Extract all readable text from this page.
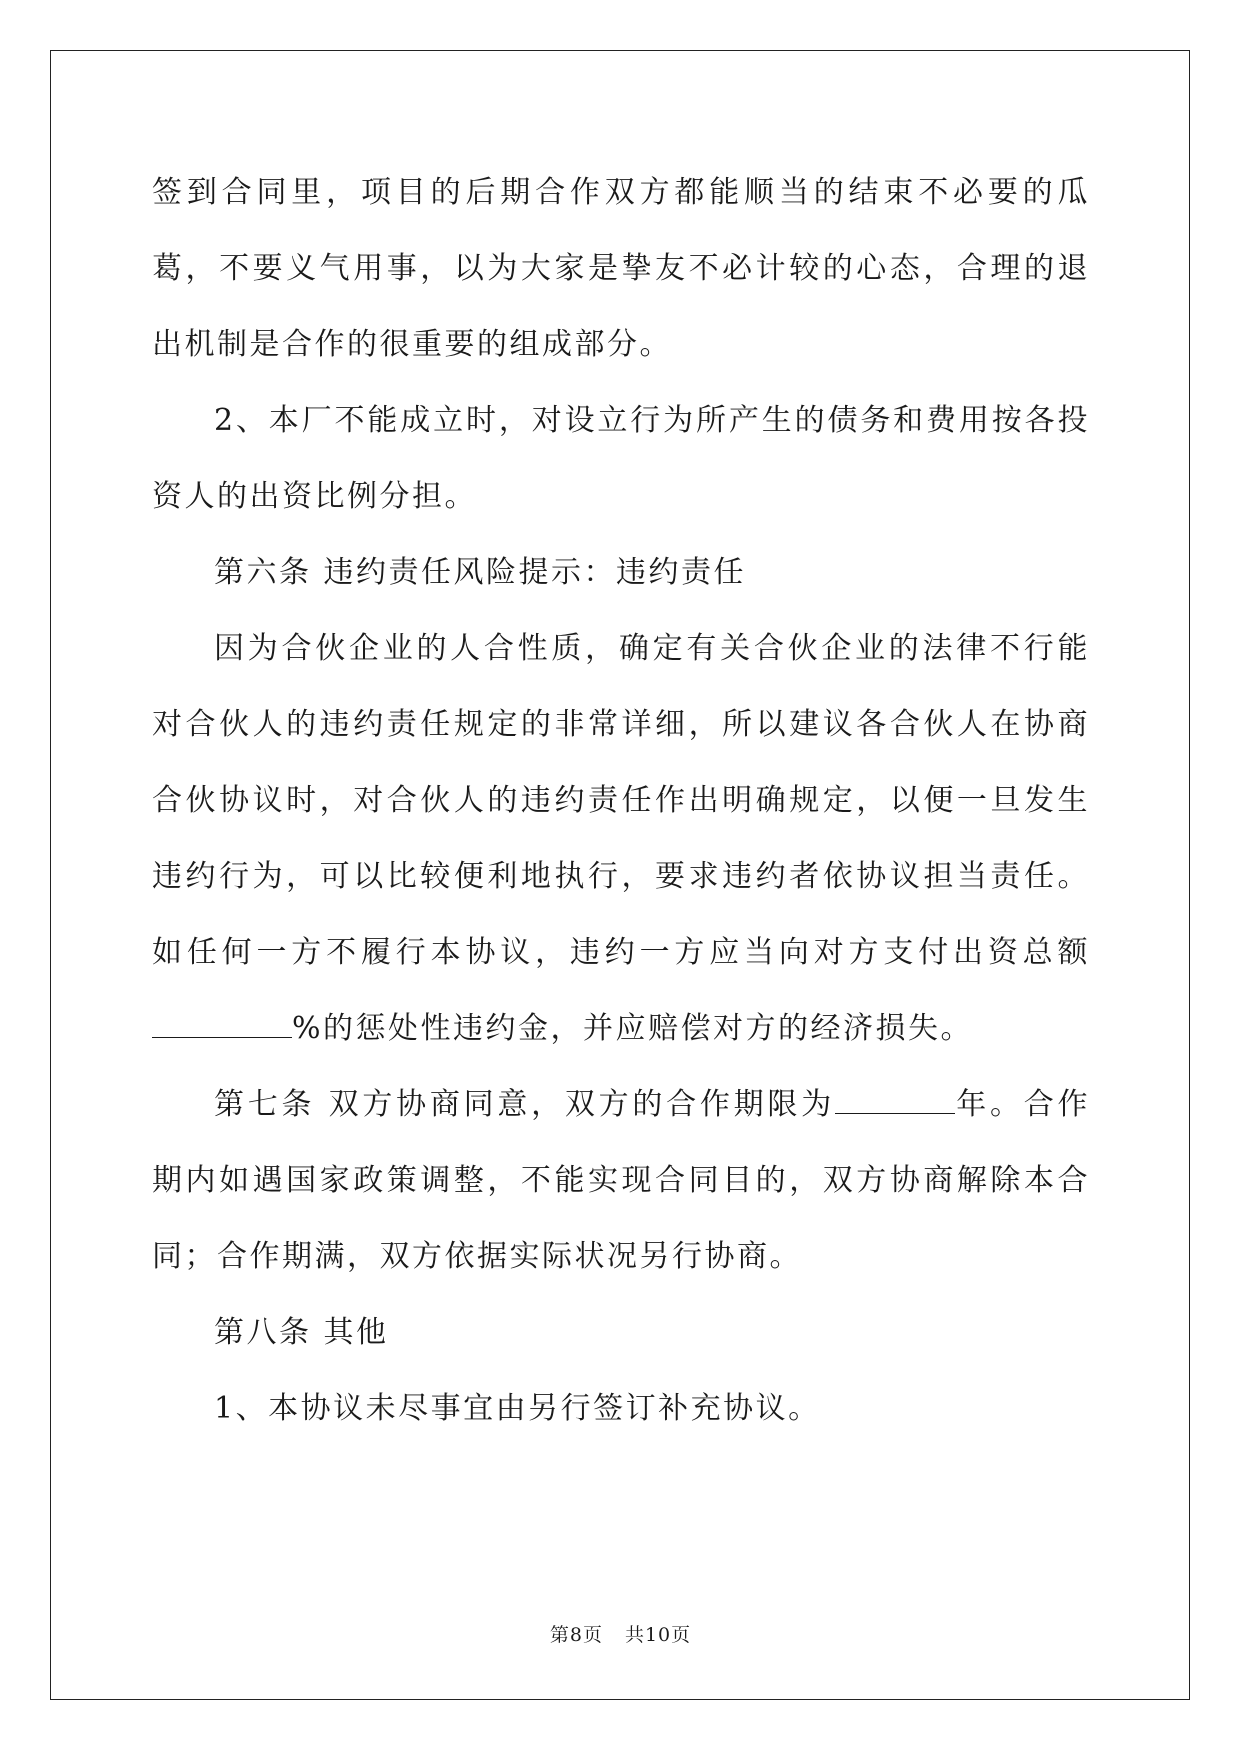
签到合同里，项目的后期合作双方都能顺当的结束不必要的瓜葛，不要义气用事，以为大家是挚友不必计较的心态，合理的退出机制是合作的很重要的组成部分。

2、本厂不能成立时，对设立行为所产生的债务和费用按各投资人的出资比例分担。

第六条 违约责任风险提示：违约责任

因为合伙企业的人合性质，确定有关合伙企业的法律不行能对合伙人的违约责任规定的非常详细，所以建议各合伙人在协商合伙协议时，对合伙人的违约责任作出明确规定，以便一旦发生违约行为，可以比较便利地执行，要求违约者依协议担当责任。如任何一方不履行本协议，违约一方应当向对方支付出资总额%的惩处性违约金，并应赔偿对方的经济损失。

第七条 双方协商同意，双方的合作期限为	年。合作期内如遇国家政策调整，不能实现合同目的，双方协商解除本合同；合作期满，双方依据实际状况另行协商。

第八条 其他

1、本协议未尽事宜由另行签订补充协议。

第8页 共10页
